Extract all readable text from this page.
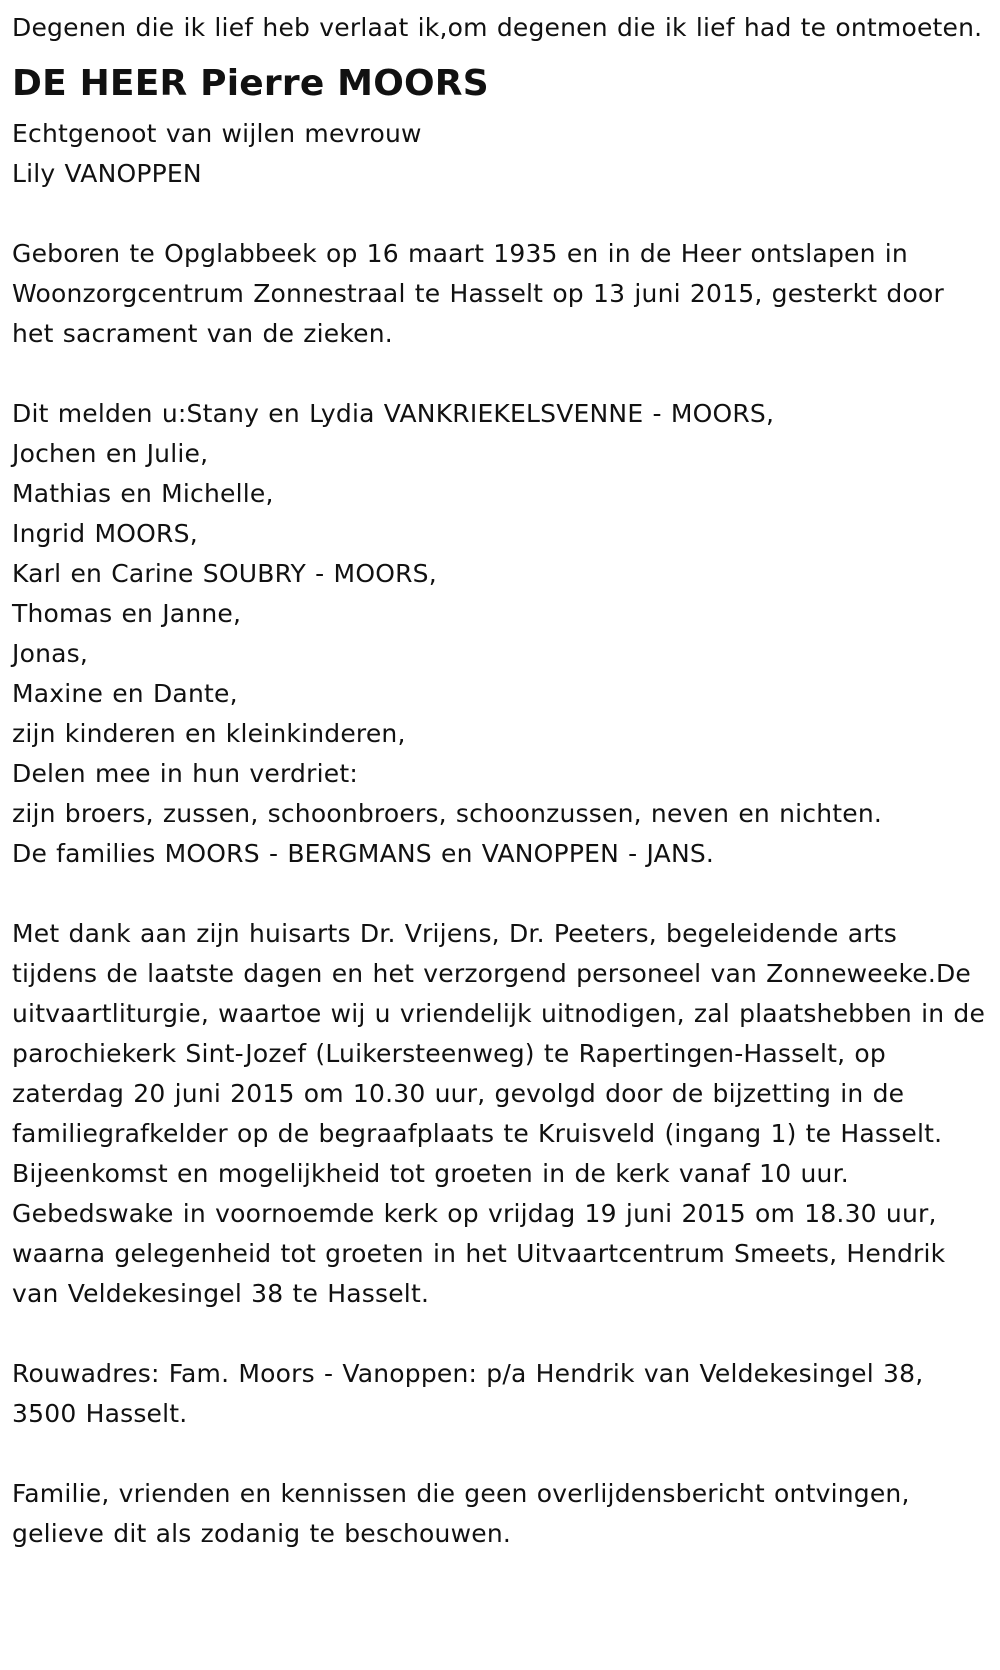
Degenen die ik lief heb verlaat ik,om degenen die ik lief had te ontmoeten.

DE HEER Pierre MOORS
Echtgenoot van wijlen mevrouw
Lily VANOPPEN

Geboren te Opglabbeek op 16 maart 1935 en in de Heer ontslapen in Woonzorgcentrum Zonnestraal te Hasselt op 13 juni 2015, gesterkt door het sacrament van de zieken.

Dit melden u:Stany en Lydia VANKRIEKELSVENNE - MOORS,
Jochen en Julie,
Mathias en Michelle,
Ingrid MOORS,
Karl en Carine SOUBRY - MOORS,
Thomas en Janne,
Jonas,
Maxine en Dante,
zijn kinderen en kleinkinderen,
Delen mee in hun verdriet:
zijn broers, zussen, schoonbroers, schoonzussen, neven en nichten.
De families MOORS - BERGMANS en VANOPPEN - JANS.

Met dank aan zijn huisarts Dr. Vrijens, Dr. Peeters, begeleidende arts tijdens de laatste dagen en het verzorgend personeel van Zonneweeke.De uitvaartliturgie, waartoe wij u vriendelijk uitnodigen, zal plaatshebben in de parochiekerk Sint-Jozef (Luikersteenweg) te Rapertingen-Hasselt, op zaterdag 20 juni 2015 om 10.30 uur, gevolgd door de bijzetting in de familiegrafkelder op de begraafplaats te Kruisveld (ingang 1) te Hasselt.

Bijeenkomst en mogelijkheid tot groeten in de kerk vanaf 10 uur.

Gebedswake in voornoemde kerk op vrijdag 19 juni 2015 om 18.30 uur, waarna gelegenheid tot groeten in het Uitvaartcentrum Smeets, Hendrik van Veldekesingel 38 te Hasselt.

Rouwadres: Fam. Moors - Vanoppen: p/a Hendrik van Veldekesingel 38, 3500 Hasselt.

Familie, vrienden en kennissen die geen overlijdensbericht ontvingen, gelieve dit als zodanig te beschouwen.
